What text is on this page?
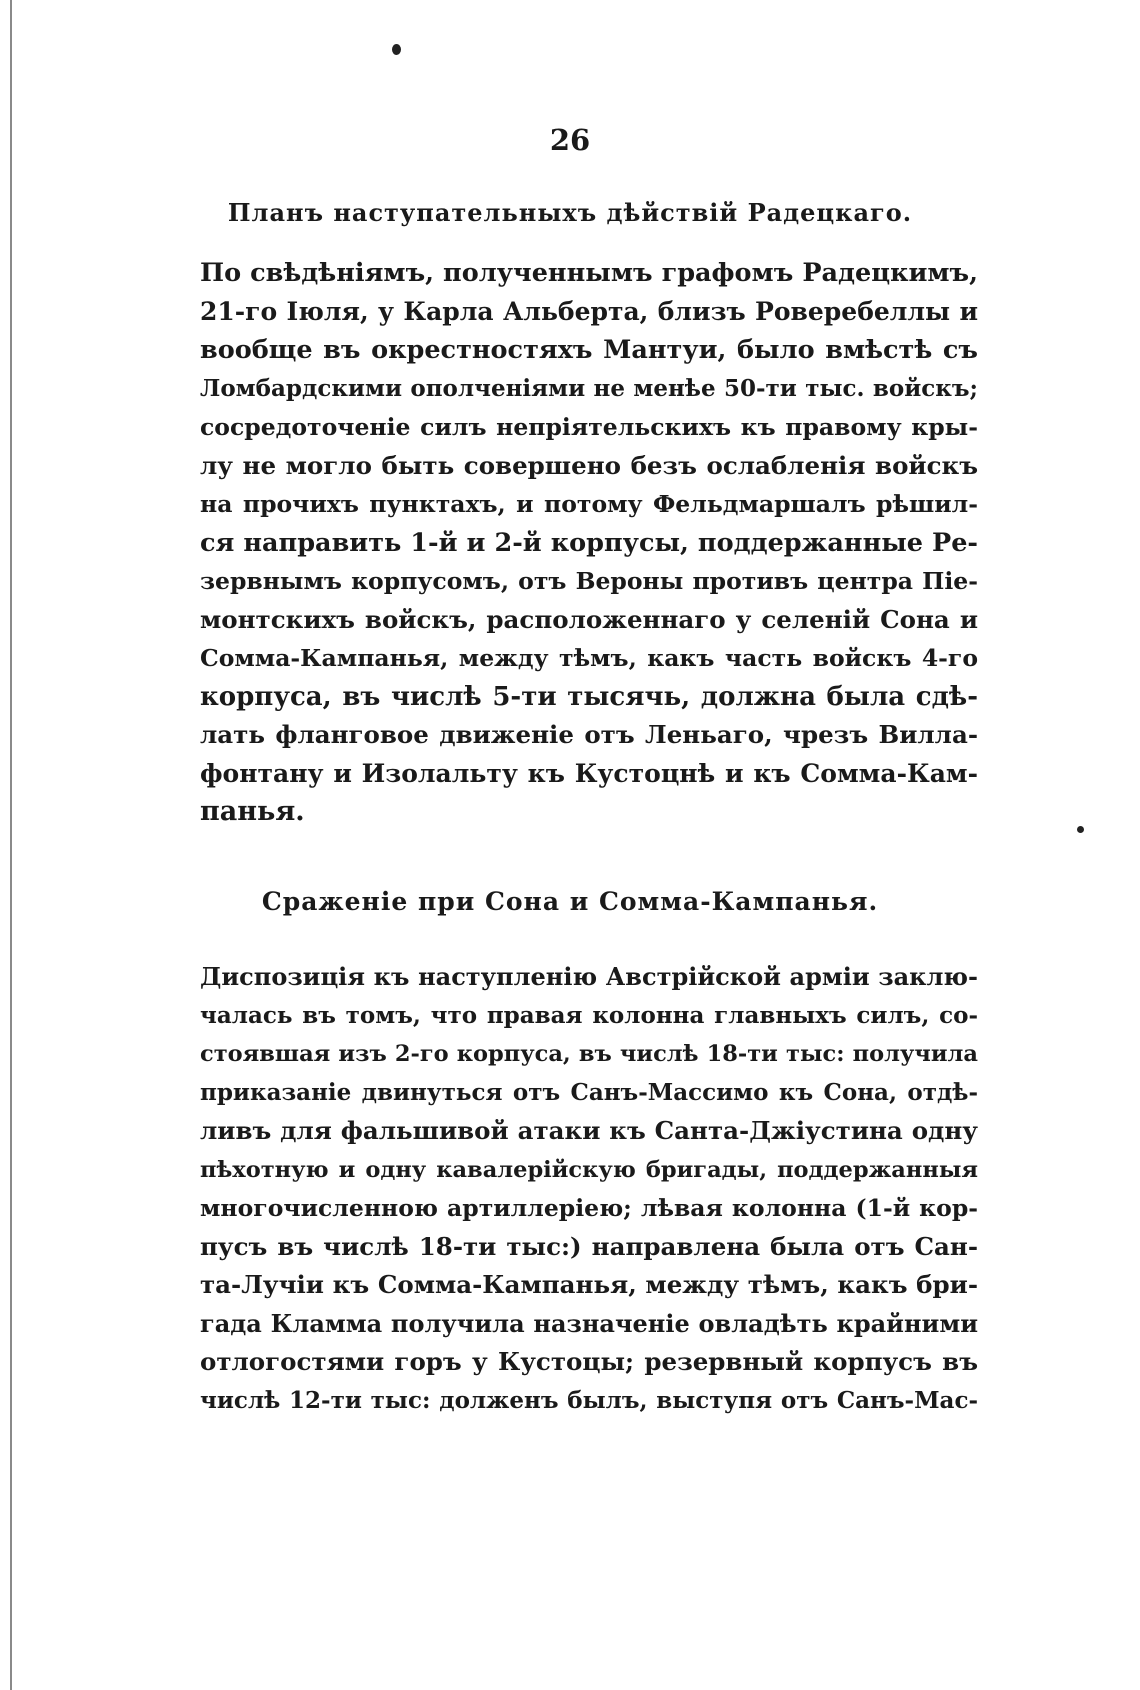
26
Планъ наступательныхъ дѣйствій Радецкаго.
По свѣдѣніямъ, полученнымъ графомъ Радецкимъ,
21-го Іюля, у Карла Альберта, близъ Роверебеллы и
вообще въ окрестностяхъ Мантуи, было вмѣстѣ съ
Ломбардскими ополченіями не менѣе 50-ти тыс. войскъ;
сосредоточеніе силъ непріятельскихъ къ правому кры-
лу не могло быть совершено безъ ослабленія войскъ
на прочихъ пунктахъ, и потому Фельдмаршалъ рѣшил-
ся направить 1-й и 2-й корпусы, поддержанные Ре-
зервнымъ корпусомъ, отъ Вероны противъ центра Піе-
монтскихъ войскъ, расположеннаго у селеній Сона и
Сомма-Кампанья, между тѣмъ, какъ часть войскъ 4-го
корпуса, въ числѣ 5-ти тысячь, должна была сдѣ-
лать фланговое движеніе отъ Леньаго, чрезъ Вилла-
фонтану и Изолальту къ Кустоцнѣ и къ Сомма-Кам-
панья.
Сраженіе при Сона и Сомма-Кампанья.
Диспозиція къ наступленію Австрійской арміи заклю-
чалась въ томъ, что правая колонна главныхъ силъ, со-
стоявшая изъ 2-го корпуса, въ числѣ 18-ти тыс: получила
приказаніе двинуться отъ Санъ-Массимо къ Сона, отдѣ-
ливъ для фальшивой атаки къ Санта-Джіустина одну
пѣхотную и одну кавалерійскую бригады, поддержанныя
многочисленною артиллеріею; лѣвая колонна (1-й кор-
пусъ въ числѣ 18-ти тыс:) направлена была отъ Сан-
та-Лучіи къ Сомма-Кампанья, между тѣмъ, какъ бри-
гада Кламма получила назначеніе овладѣть крайними
отлогостями горъ у Кустоцы; резервный корпусъ въ
числѣ 12-ти тыс: долженъ былъ, выступя отъ Санъ-Мас-
